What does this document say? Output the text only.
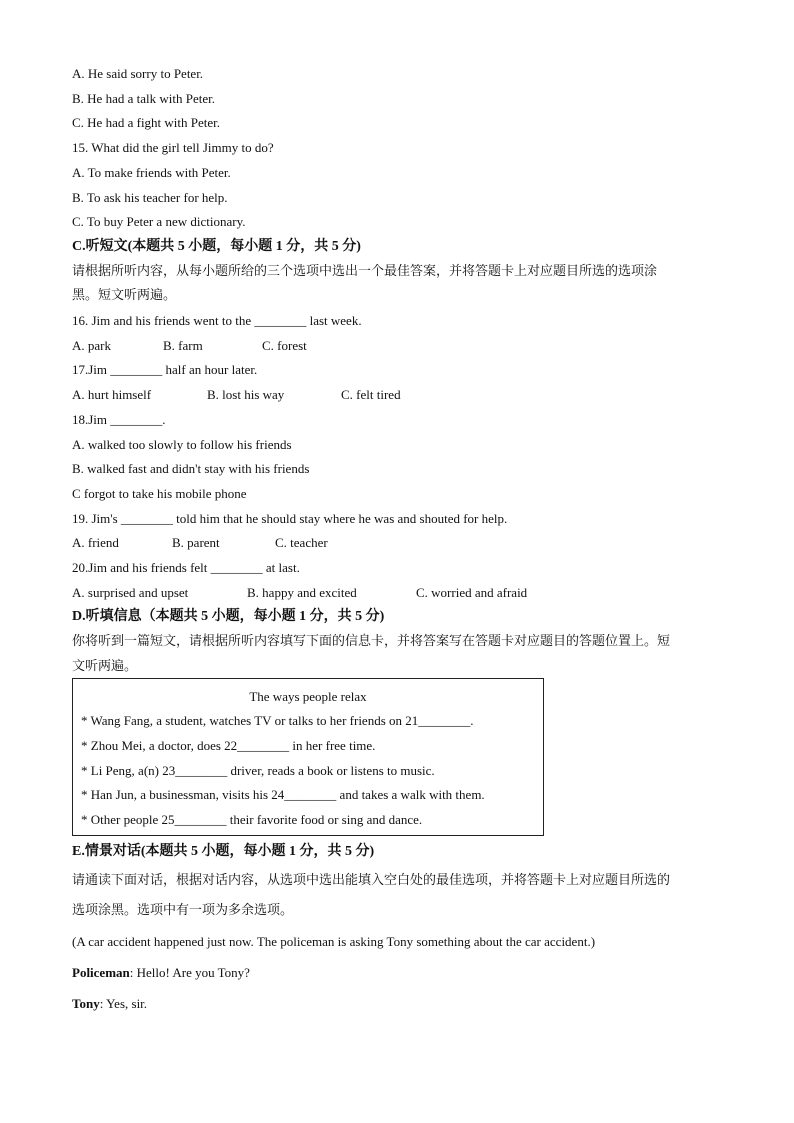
A. He said sorry to Peter.
B. He had a talk with Peter.
C. He had a fight with Peter.
15. What did the girl tell Jimmy to do?
A. To make friends with Peter.
B. To ask his teacher for help.
C. To buy Peter a new dictionary.
C.听短文(本题共 5 小题，每小题 1 分，共 5 分)
请根据所听内容，从每小题所给的三个选项中选出一个最佳答案，并将答题卡上对应题目所选的选项涂
黑。短文听两遍。
16. Jim and his friends went to the ________ last week.
A. park	B. farm	C. forest
17.Jim ________ half an hour later.
A. hurt himself	B. lost his way	C. felt tired
18.Jim ________.
A. walked too slowly to follow his friends
B. walked fast and didn't stay with his friends
C forgot to take his mobile phone
19. Jim's ________ told him that he should stay where he was and shouted for help.
A. friend	B. parent	C. teacher
20.Jim and his friends felt ________ at last.
A. surprised and upset	B. happy and excited	C. worried and afraid
D.听填信息（本题共 5 小题，每小题 1 分，共 5 分)
你将听到一篇短文，请根据所听内容填写下面的信息卡，并将答案写在答题卡对应题目的答题位置上。短
文听两遍。
The ways people relax
* Wang Fang, a student, watches TV or talks to her friends on 21________.
* Zhou Mei, a doctor, does 22________ in her free time.
* Li Peng, a(n) 23________ driver, reads a book or listens to music.
* Han Jun, a businessman, visits his 24________ and takes a walk with them.
* Other people 25________ their favorite food or sing and dance.
E.情景对话(本题共 5 小题，每小题 1 分，共 5 分)
请通读下面对话，根据对话内容，从选项中选出能填入空白处的最佳选项，并将答题卡上对应题目所选的
选项涂黑。选项中有一项为多余选项。
(A car accident happened just now. The policeman is asking Tony something about the car accident.)
Policeman: Hello! Are you Tony?
Tony: Yes, sir.
